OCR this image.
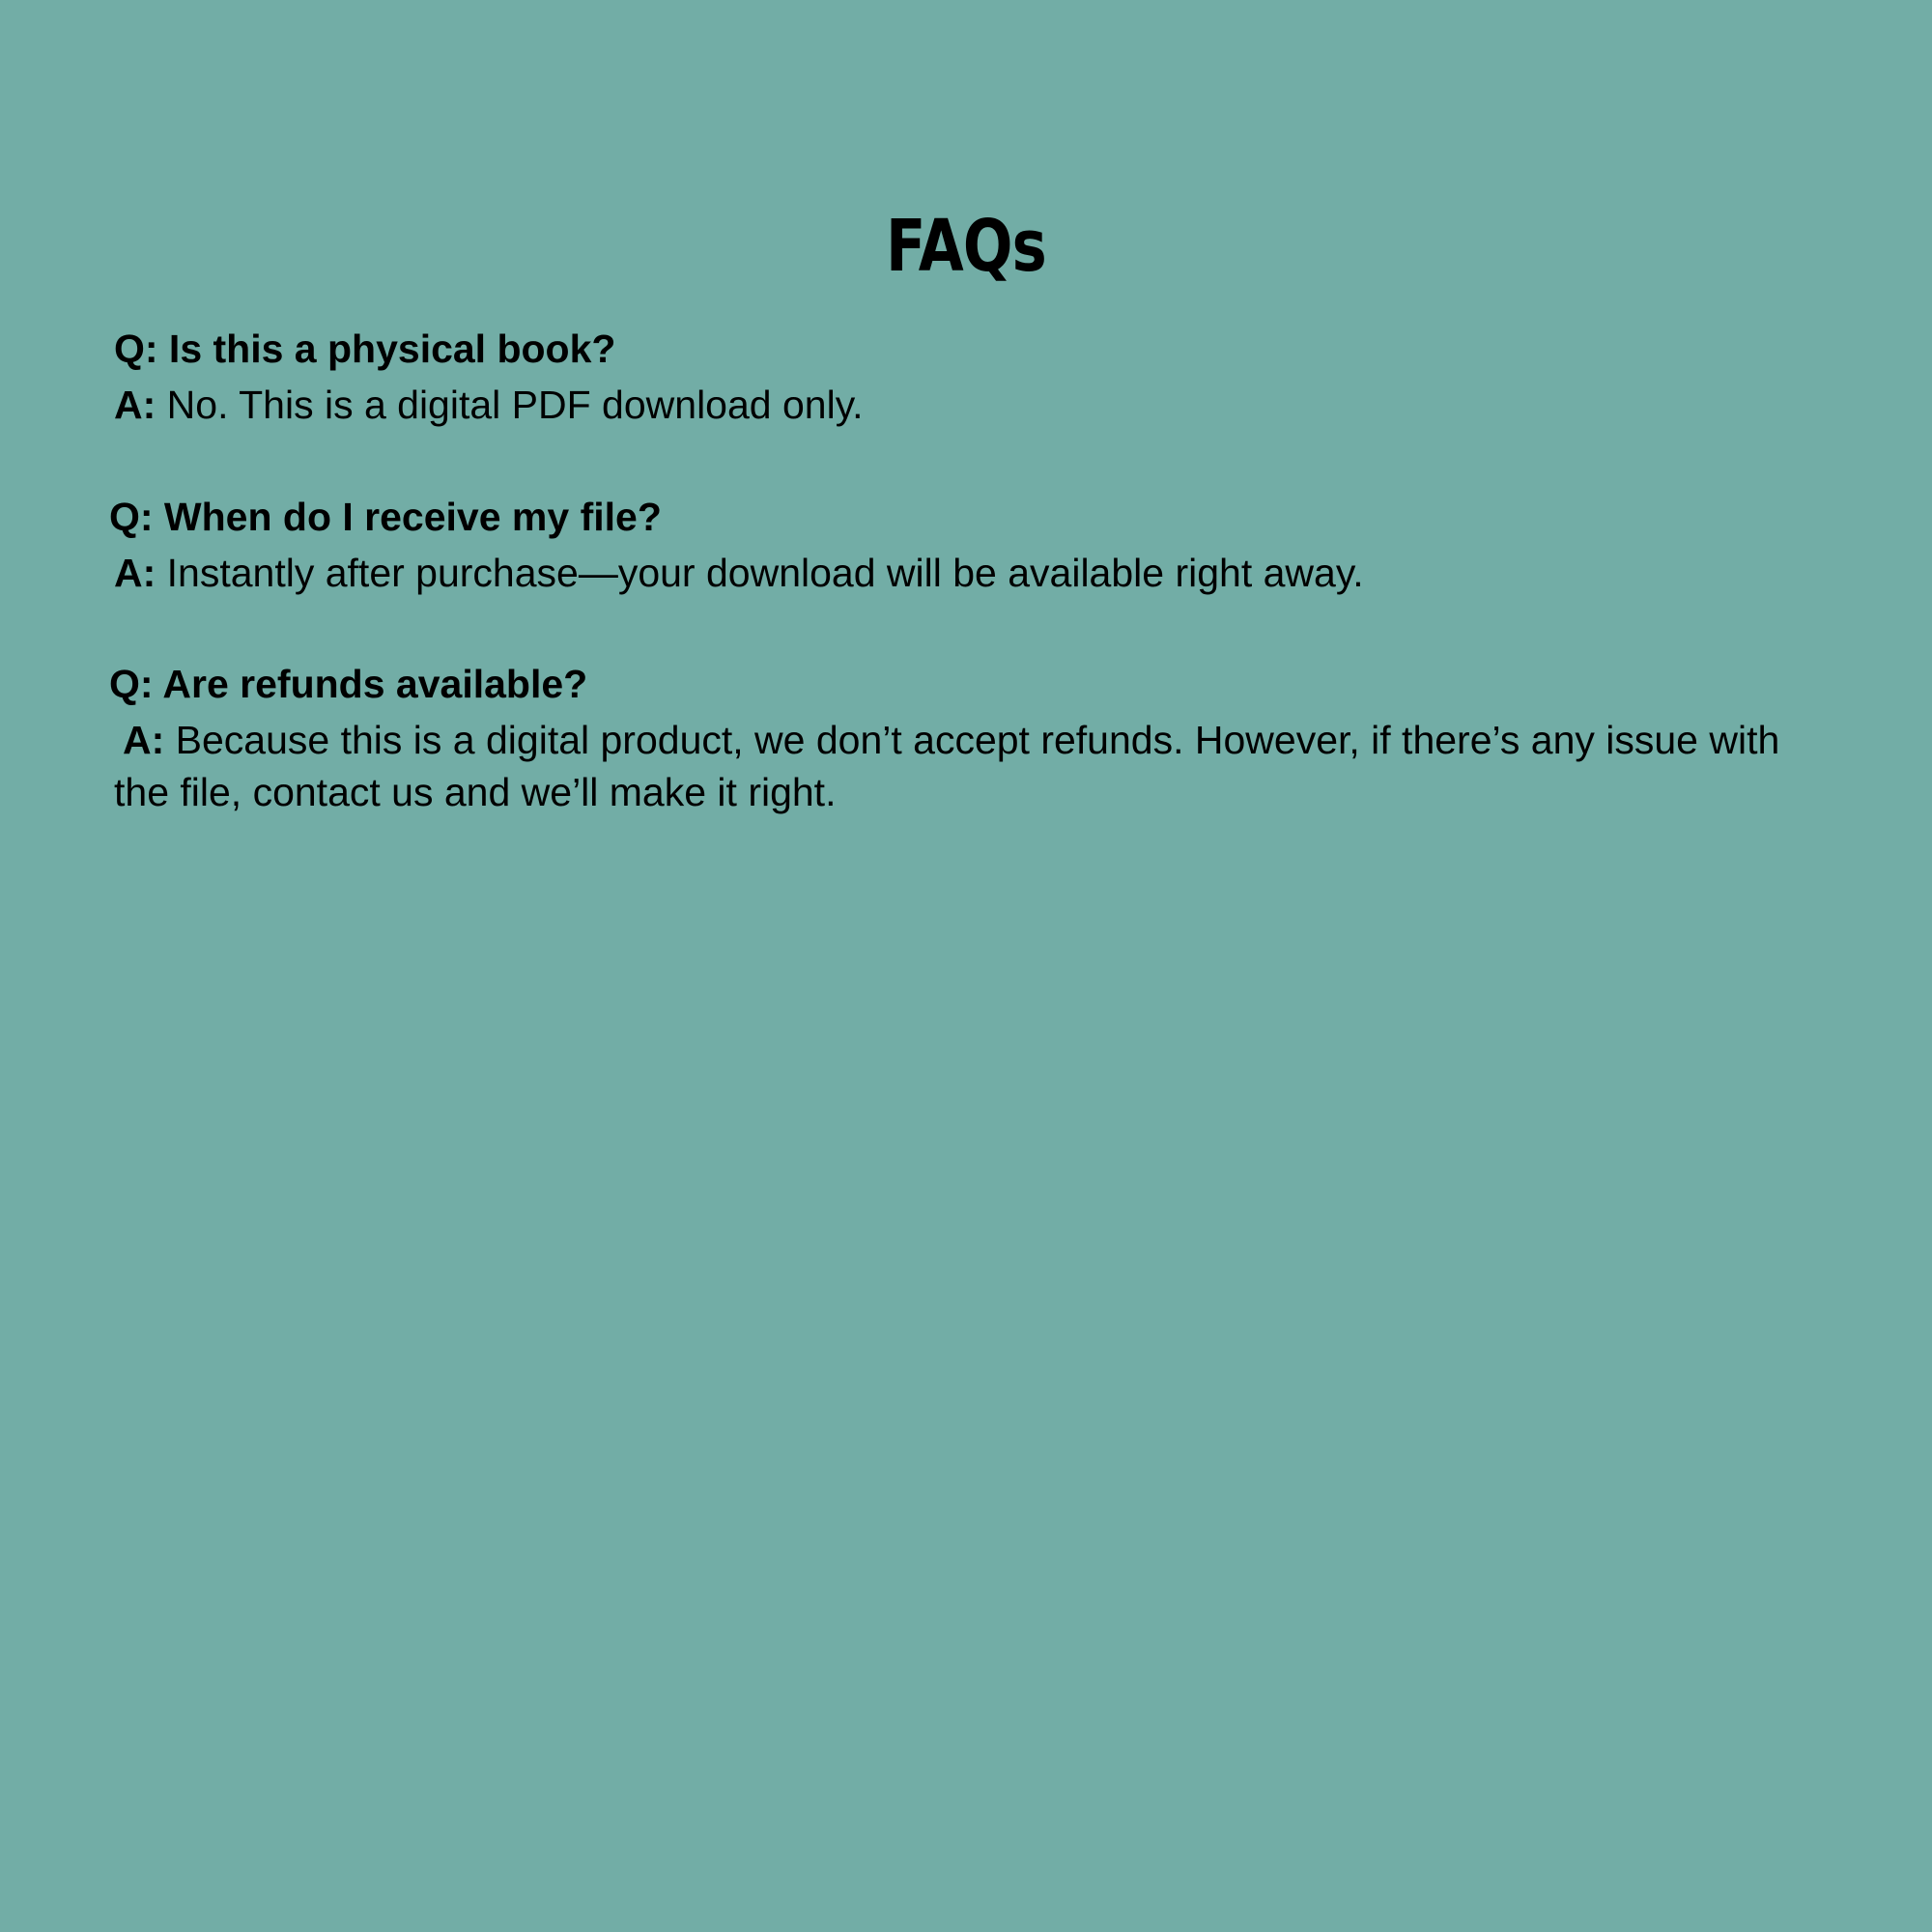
FAQs

Q: Is this a physical book?

A: No. This is a digital PDF download only.

Q: When do I receive my file?

A: Instantly after purchase—your download will be available right away.

Q: Are refunds available?

A: Because this is a digital product, we don’t accept refunds. However, if there’s any issue with the file, contact us and we’ll make it right.
